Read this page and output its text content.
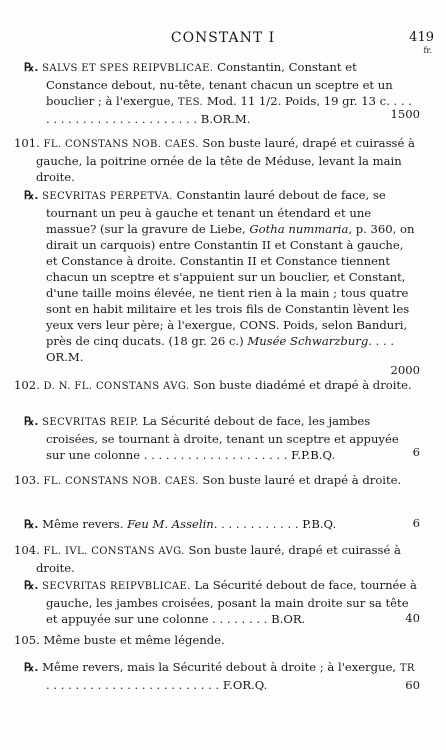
CONSTANT I	419
fr.
℞. SALVS ET SPES REIPVBLICAE. Constantin, Constant et Constance debout, nu-tête, tenant chacun un sceptre et un bouclier ; à l'exergue, TES. Mod. 11 1/2. Poids, 19 gr. 13 c. . . . . . . . . . . . . . . . . . . . . . . . . B.OR.M.	1500
101. FL. CONSTANS NOB. CAES. Son buste lauré, drapé et cuirassé à gauche, la poitrine ornée de la tête de Méduse, levant la main droite.
℞. SECVRITAS PERPETVA. Constantin lauré debout de face, se tournant un peu à gauche et tenant un étendard et une massue? (sur la gravure de Liebe, Gotha nummaria, p. 360, on dirait un carquois) entre Constantin II et Constant à gauche, et Constance à droite. Constantin II et Constance tiennent chacun un sceptre et s'appuient sur un bouclier, et Constant, d'une taille moins élevée, ne tient rien à la main ; tous quatre sont en habit militaire et les trois fils de Constantin lèvent les yeux vers leur père; à l'exergue, CONS. Poids, selon Banduri, près de cinq ducats. (18 gr. 26 c.) Musée Schwarzburg. . . . OR.M.
2000
102. D. N. FL. CONSTANS AVG. Son buste diadémé et drapé à droite.
℞. SECVRITAS REIP. La Sécurité debout de face, les jambes croisées, se tournant à droite, tenant un sceptre et appuyée sur une colonne . . . . . . . . . . . . . . . . . . . . F.P.B.Q.	6
103. FL. CONSTANS NOB. CAES. Son buste lauré et drapé à droite.
℞. Même revers. Feu M. Asselin. . . . . . . . . . . . P.B.Q.	6
104. FL. IVL. CONSTANS AVG. Son buste lauré, drapé et cuirassé à droite.
℞. SECVRITAS REIPVBLICAE. La Sécurité debout de face, tournée à gauche, les jambes croisées, posant la main droite sur sa tête et appuyée sur une colonne . . . . . . . . B.OR.	40
105. Même buste et même légende.
℞. Même revers, mais la Sécurité debout à droite ; à l'exergue, TR . . . . . . . . . . . . . . . . . . . . . . . . F.OR.Q.	60
